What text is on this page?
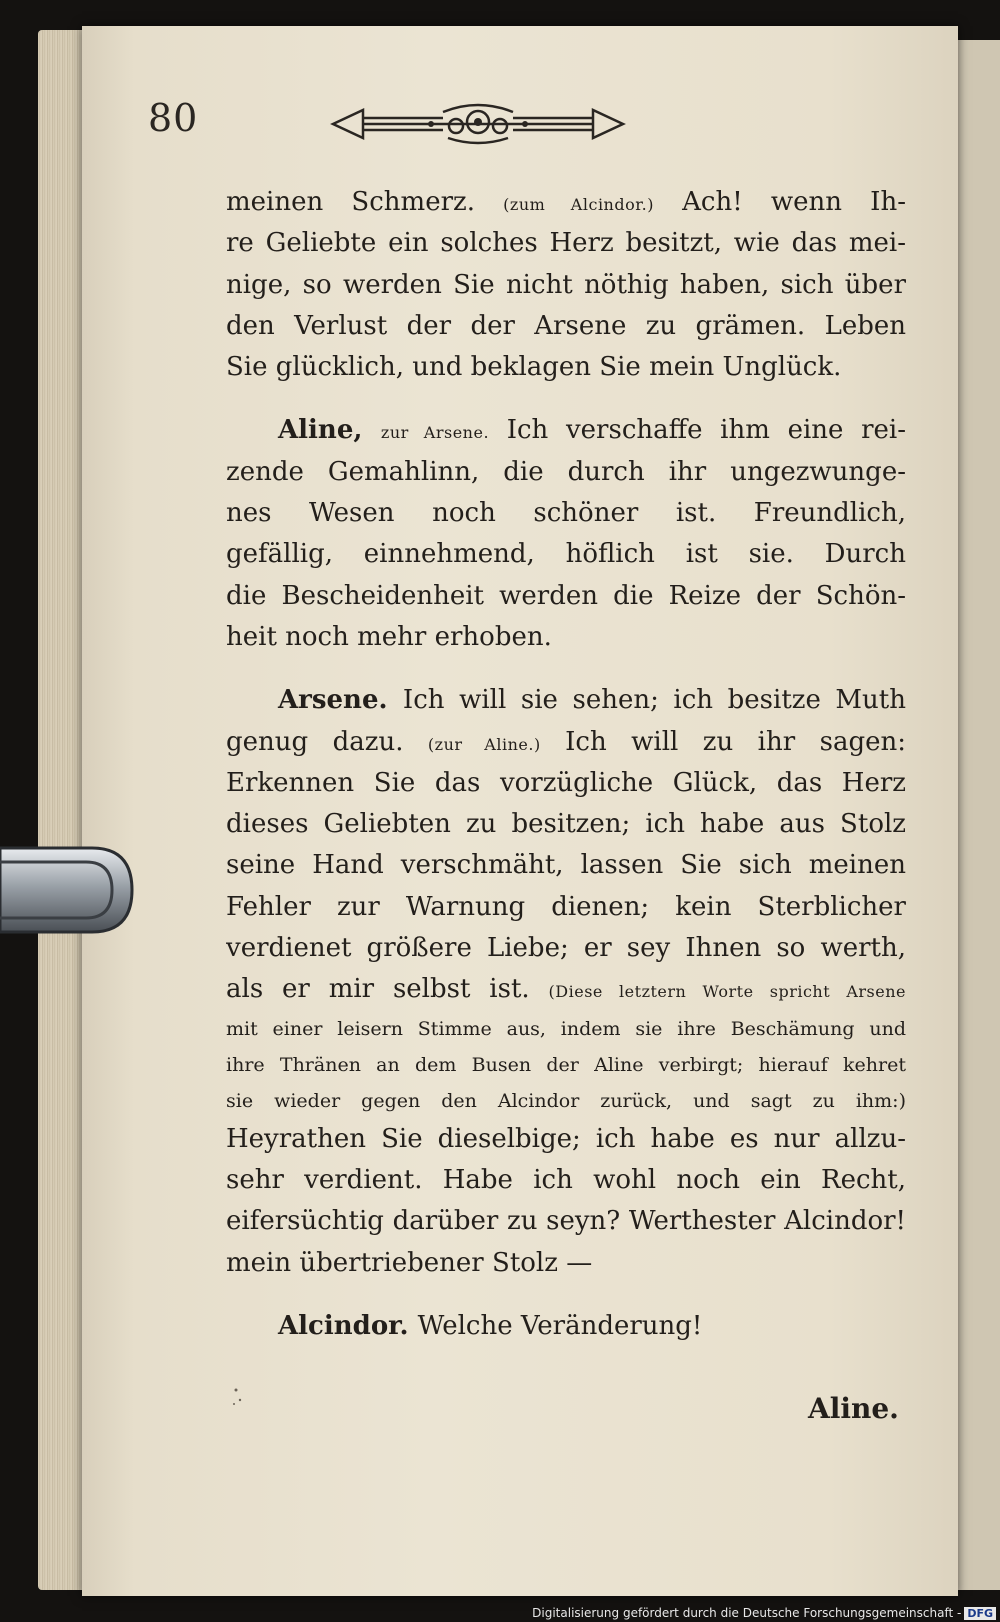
80
meinen Schmerz. (zum Alcindor.) Ach! wenn Ih-
re Geliebte ein solches Herz besitzt, wie das mei-
nige, so werden Sie nicht nöthig haben, sich über
den Verlust der der Arsene zu grämen. Leben
Sie glücklich, und beklagen Sie mein Unglück.
Aline, zur Arsene. Ich verschaffe ihm eine rei-
zende Gemahlinn, die durch ihr ungezwunge-
nes Wesen noch schöner ist. Freundlich,
gefällig, einnehmend, höflich ist sie. Durch
die Bescheidenheit werden die Reize der Schön-
heit noch mehr erhoben.
Arsene. Ich will sie sehen; ich besitze Muth
genug dazu. (zur Aline.) Ich will zu ihr sagen:
Erkennen Sie das vorzügliche Glück, das Herz
dieses Geliebten zu besitzen; ich habe aus Stolz
seine Hand verschmäht, lassen Sie sich meinen
Fehler zur Warnung dienen; kein Sterblicher
verdienet größere Liebe; er sey Ihnen so werth,
als er mir selbst ist. (Diese letztern Worte spricht Arsene
mit einer leisern Stimme aus, indem sie ihre Beschämung und
ihre Thränen an dem Busen der Aline verbirgt; hierauf kehret
sie wieder gegen den Alcindor zurück, und sagt zu ihm:)
Heyrathen Sie dieselbige; ich habe es nur allzu-
sehr verdient. Habe ich wohl noch ein Recht,
eifersüchtig darüber zu seyn? Werthester Alcindor!
mein übertriebener Stolz —
Alcindor. Welche Veränderung!
Aline.
Digitalisierung gefördert durch die Deutsche Forschungsgemeinschaft - DFG
